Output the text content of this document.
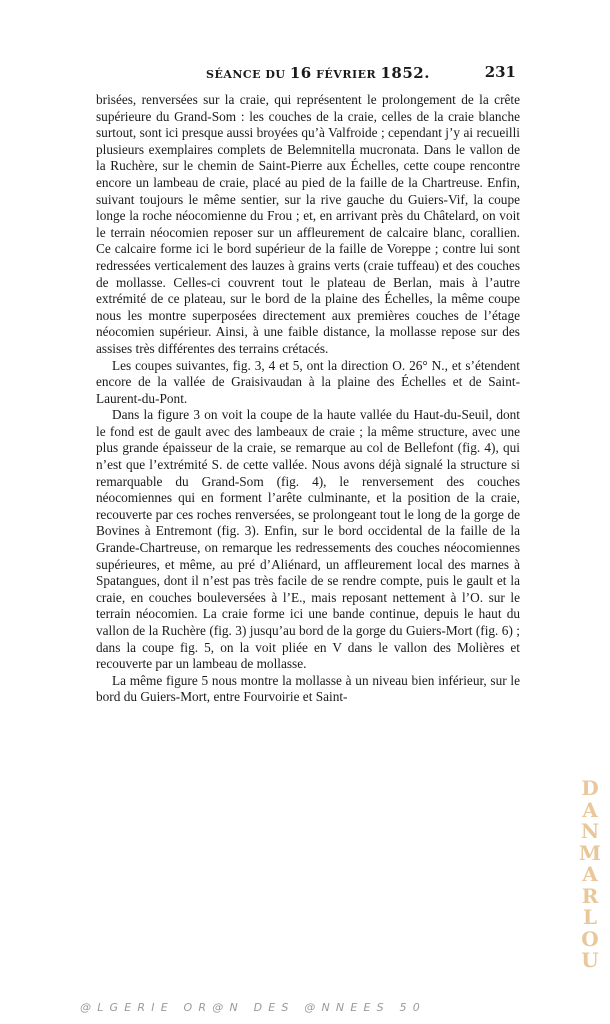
SÉANCE DU 16 FÉVRIER 1852.	231

brisées, renversées sur la craie, qui représentent le prolongement de la crête supérieure du Grand-Som : les couches de la craie, celles de la craie blanche surtout, sont ici presque aussi broyées qu’à Valfroide ; cependant j’y ai recueilli plusieurs exemplaires complets de Belemnitella mucronata. Dans le vallon de la Ruchère, sur le chemin de Saint-Pierre aux Échelles, cette coupe rencontre encore un lambeau de craie, placé au pied de la faille de la Chartreuse. Enfin, suivant toujours le même sentier, sur la rive gauche du Guiers-Vif, la coupe longe la roche néocomienne du Frou ; et, en arrivant près du Châtelard, on voit le terrain néocomien reposer sur un affleurement de calcaire blanc, corallien. Ce calcaire forme ici le bord supérieur de la faille de Voreppe ; contre lui sont redressées verticalement des lauzes à grains verts (craie tuffeau) et des couches de mollasse. Celles-ci couvrent tout le plateau de Berlan, mais à l’autre extrémité de ce plateau, sur le bord de la plaine des Échelles, la même coupe nous les montre superposées directement aux premières couches de l’étage néocomien supérieur. Ainsi, à une faible distance, la mollasse repose sur des assises très différentes des terrains crétacés.

Les coupes suivantes, fig. 3, 4 et 5, ont la direction O. 26° N., et s’étendent encore de la vallée de Graisivaudan à la plaine des Échelles et de Saint-Laurent-du-Pont.

Dans la figure 3 on voit la coupe de la haute vallée du Haut-du-Seuil, dont le fond est de gault avec des lambeaux de craie ; la même structure, avec une plus grande épaisseur de la craie, se remarque au col de Bellefont (fig. 4), qui n’est que l’extrémité S. de cette vallée. Nous avons déjà signalé la structure si remarquable du Grand-Som (fig. 4), le renversement des couches néocomiennes qui en forment l’arête culminante, et la position de la craie, recouverte par ces roches renversées, se prolongeant tout le long de la gorge de Bovines à Entremont (fig. 3). Enfin, sur le bord occidental de la faille de la Grande-Chartreuse, on remarque les redressements des couches néocomiennes supérieures, et même, au pré d’Aliénard, un affleurement local des marnes à Spatangues, dont il n’est pas très facile de se rendre compte, puis le gault et la craie, en couches bouleversées à l’E., mais reposant nettement à l’O. sur le terrain néocomien. La craie forme ici une bande continue, depuis le haut du vallon de la Ruchère (fig. 3) jusqu’au bord de la gorge du Guiers-Mort (fig. 6) ; dans la coupe fig. 5, on la voit pliée en V dans le vallon des Molières et recouverte par un lambeau de mollasse.

La même figure 5 nous montre la mollasse à un niveau bien inférieur, sur le bord du Guiers-Mort, entre Fourvoirie et Saint-

D
A
N
M
A
R
L
O
U
@LGERIE OR@N DES @NNEES 50
